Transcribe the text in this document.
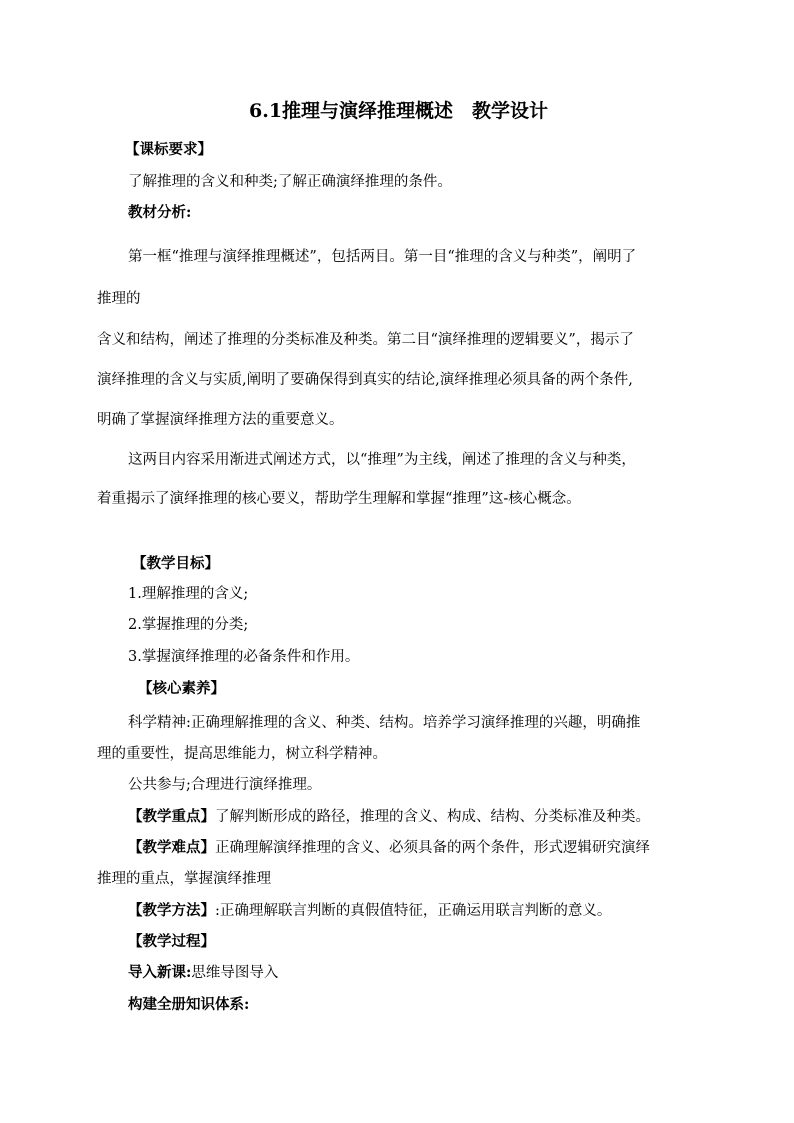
6.1推理与演绎推理概述　教学设计
【课标要求】
了解推理的含义和种类;了解正确演绎推理的条件。
教材分析:
第一框“推理与演绎推理概述”，包括两目。第一目“推理的含义与种类”，阐明了
推理的
含义和结构，阐述了推理的分类标准及种类。第二目“演绎推理的逻辑要义”，揭示了
演绎推理的含义与实质,阐明了要确保得到真实的结论,演绎推理必须具备的两个条件,
明确了掌握演绎推理方法的重要意义。
这两目内容采用渐进式阐述方式，以“推理”为主线，阐述了推理的含义与种类，
着重揭示了演绎推理的核心要义，帮助学生理解和掌握“推理”这-核心概念。
【教学目标】
1.理解推理的含义;
2.掌握推理的分类;
3.掌握演绎推理的必备条件和作用。
【核心素养】
科学精神:正确理解推理的含义、种类、结构。培养学习演绎推理的兴趣，明确推
理的重要性，提高思维能力，树立科学精神。
公共参与;合理进行演绎推理。
【教学重点】了解判断形成的路径，推理的含义、构成、结构、分类标准及种类。
【教学难点】正确理解演绎推理的含义、必须具备的两个条件，形式逻辑研究演绎
推理的重点，掌握演绎推理
【教学方法】:正确理解联言判断的真假值特征，正确运用联言判断的意义。
【教学过程】
导入新课:思维导图导入
构建全册知识体系:
